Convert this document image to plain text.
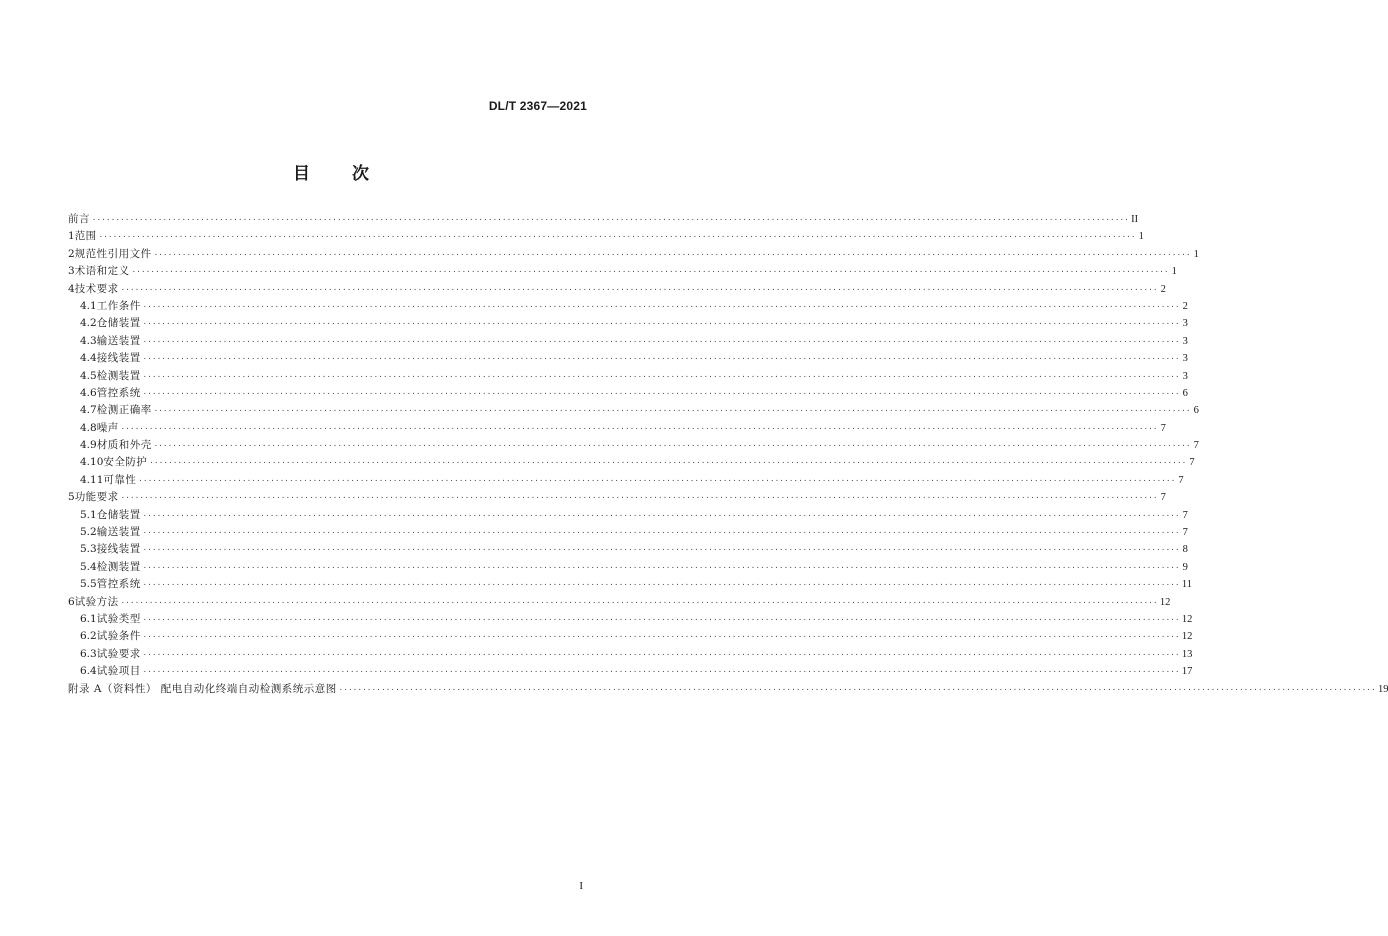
DL/T 2367—2021
目 次
前言 ···························································································································································································································· II
1 范围 ···························································································································································································································· 1
2 规范性引用文件 ···························································································································································································································· 1
3 术语和定义 ···························································································································································································································· 1
4 技术要求 ···························································································································································································································· 2
4.1 工作条件 ···························································································································································································································· 2
4.2 仓储装置 ···························································································································································································································· 3
4.3 输送装置 ···························································································································································································································· 3
4.4 接线装置 ···························································································································································································································· 3
4.5 检测装置 ···························································································································································································································· 3
4.6 管控系统 ···························································································································································································································· 6
4.7 检测正确率 ···························································································································································································································· 6
4.8 噪声 ···························································································································································································································· 7
4.9 材质和外壳 ···························································································································································································································· 7
4.10 安全防护 ···························································································································································································································· 7
4.11 可靠性 ···························································································································································································································· 7
5 功能要求 ···························································································································································································································· 7
5.1 仓储装置 ···························································································································································································································· 7
5.2 输送装置 ···························································································································································································································· 7
5.3 接线装置 ···························································································································································································································· 8
5.4 检测装置 ···························································································································································································································· 9
5.5 管控系统 ···························································································································································································································· 11
6 试验方法 ···························································································································································································································· 12
6.1 试验类型 ···························································································································································································································· 12
6.2 试验条件 ···························································································································································································································· 12
6.3 试验要求 ···························································································································································································································· 13
6.4 试验项目 ···························································································································································································································· 17
附录 A（资料性） 配电自动化终端自动检测系统示意图 ···························································································································································································································· 19
I
